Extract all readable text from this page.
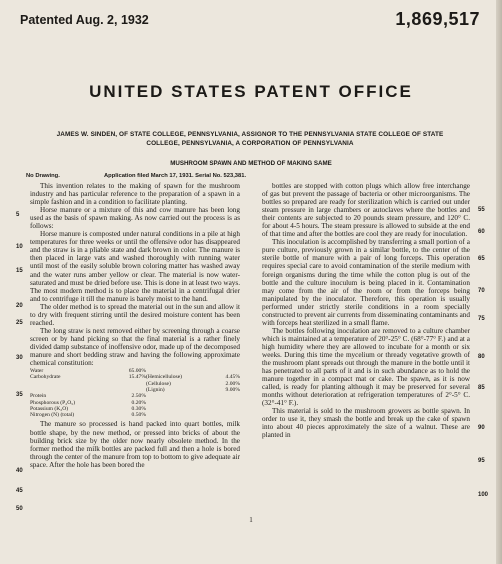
Patented Aug. 2, 1932	1,869,517
UNITED STATES PATENT OFFICE
JAMES W. SINDEN, OF STATE COLLEGE, PENNSYLVANIA, ASSIGNOR TO THE PENNSYLVANIA STATE COLLEGE OF STATE COLLEGE, PENNSYLVANIA, A CORPORATION OF PENNSYLVANIA
MUSHROOM SPAWN AND METHOD OF MAKING SAME
No Drawing.	Application filed March 17, 1931. Serial No. 523,381.

This invention relates to the making of spawn for the mushroom industry and has particular reference to the preparation of a spawn in a simple fashion and in a condition to facilitate planting.

Horse manure or a mixture of this and cow manure has been long used as the basis of spawn making. As now carried out the process is as follows:

Horse manure is composted under natural conditions in a pile at high temperatures for three weeks or until the offensive odor has disappeared and the straw is in a pliable state and dark brown in color. The manure is then placed in large vats and washed thoroughly with running water until most of the easily soluble brown coloring matter has washed away and the water runs amber yellow or clear. The material is now water-saturated and must be dried before use. This is done in at least two ways. The most modern method is to place the material in a centrifugal drier and to centrifuge it till the manure is barely moist to the hand.

The older method is to spread the material out in the sun and allow it to dry with frequent stirring until the desired moisture content has been reached.

The long straw is next removed either by screening through a coarse screen or by hand picking so that the final material is a rather finely divided damp substance of inoffensive odor, made up of the decomposed manure and short bedding straw and having the following approximate chemical constitution:

Water	65.00%		
Carbohydrate	15.47%	(Hemicellulose)	4.45%
		(Cellulose)	2.00%
		(Lignin)	9.00%
Protein	2.50%		
Phosphorous (P₂O₅)	0.20%		
Potassium (K₂O)	0.30%		
Nitrogen (N) (total)	0.50%		

The manure so processed is hand packed into quart bottles, milk bottle shape, by the new method, or pressed into bricks of about the building brick size by the older now nearly obsolete method. In the former method the milk bottles are packed full and then a hole is bored through the center of the manure from top to bottom to give adequate air space. After the hole has been bored the

bottles are stopped with cotton plugs which allow free interchange of gas but prevent the passage of bacteria or other microorganisms. The bottles so prepared are ready for sterilization which is carried out under steam pressure in large chambers or autoclaves where the bottles and their contents are subjected to 20 pounds steam pressure, and 120° C. for about 4-5 hours. The steam pressure is allowed to subside at the end of that time and after the bottles are cool they are ready for inoculation.

This inoculation is accomplished by transferring a small portion of a pure culture, previously grown in a similar bottle, to the center of the sterile bottle of manure with a pair of long forceps. This operation requires special care to avoid contamination of the sterile medium with foreign organisms during the time while the cotton plug is out of the bottle and the culture inoculum is being placed in it. Contamination may come from the air of the room or from the forceps being manipulated by the inoculator. Therefore, this operation is usually performed under strictly sterile conditions in a room specially constructed to prevent air currents from disseminating contaminants and with forceps heat sterilized in a small flame.

The bottles following inoculation are removed to a culture chamber which is maintained at a temperature of 20°-25° C. (68°-77° F.) and at a high humidity where they are allowed to incubate for a month or six weeks. During this time the mycelium or thready vegetative growth of the mushroom plant spreads out through the manure in the bottle until it has penetrated to all parts of it and is in such abundance as to hold the manure together in a compact mat or cake. The spawn, as it is now called, is ready for planting although it may be preserved for several months without deterioration at refrigeration temperatures of 2°-5° C. (32°-41° F.).

This material is sold to the mushroom growers as bottle spawn. In order to use it, they smash the bottle and break up the cake of spawn into about 40 pieces approximately the size of a walnut. These are planted in

5
10
15
20
25
30
35
40
45
50
55
60
65
70
75
80
85
90
95
100
1
